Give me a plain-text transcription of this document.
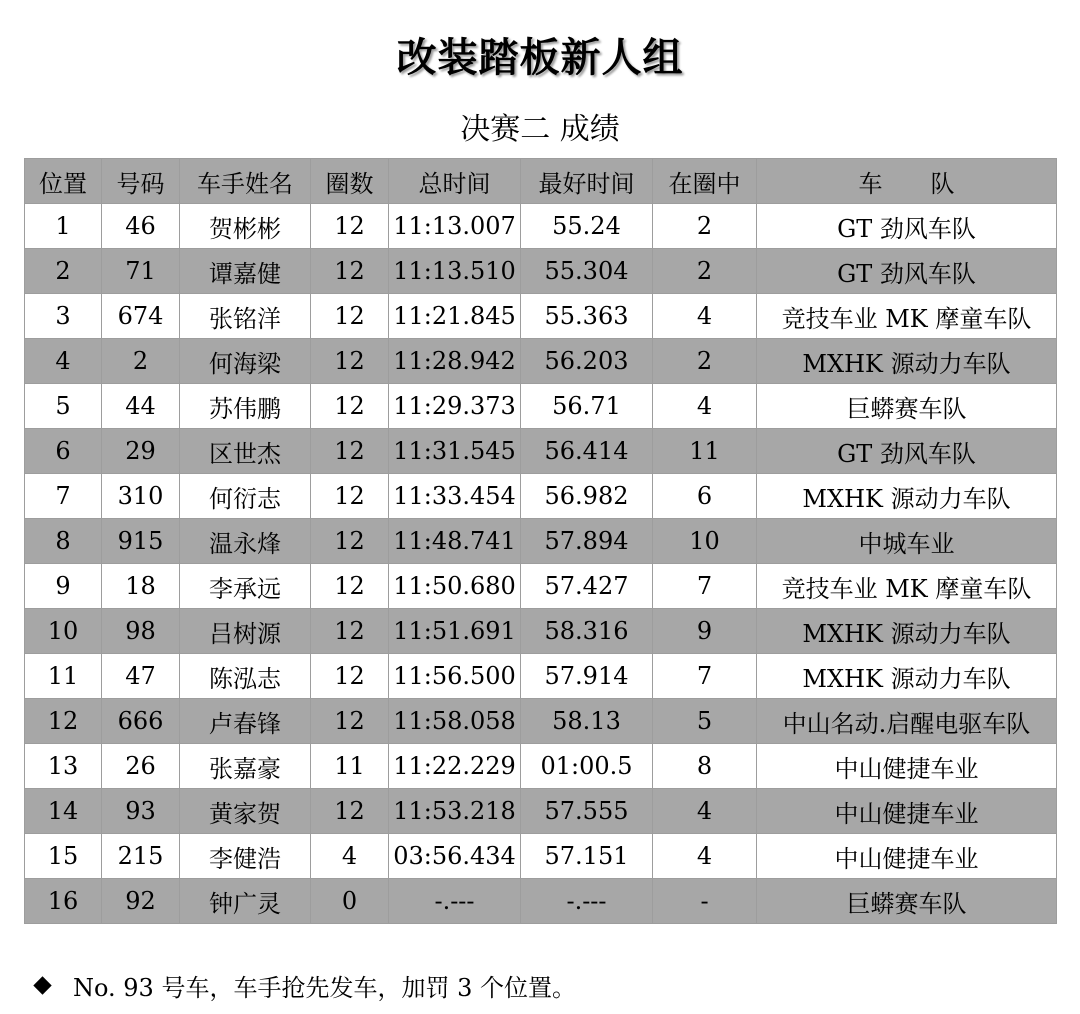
改装踏板新人组
决赛二 成绩
位置	号码	车手姓名	圈数	总时间	最好时间	在圈中	车　　队
1	46	贺彬彬	12	11:13.007	55.24	2	GT 劲风车队
2	71	谭嘉健	12	11:13.510	55.304	2	GT 劲风车队
3	674	张铭洋	12	11:21.845	55.363	4	竞技车业 MK 摩童车队
4	2	何海梁	12	11:28.942	56.203	2	MXHK 源动力车队
5	44	苏伟鹏	12	11:29.373	56.71	4	巨蟒赛车队
6	29	区世杰	12	11:31.545	56.414	11	GT 劲风车队
7	310	何衍志	12	11:33.454	56.982	6	MXHK 源动力车队
8	915	温永烽	12	11:48.741	57.894	10	中城车业
9	18	李承远	12	11:50.680	57.427	7	竞技车业 MK 摩童车队
10	98	吕树源	12	11:51.691	58.316	9	MXHK 源动力车队
11	47	陈泓志	12	11:56.500	57.914	7	MXHK 源动力车队
12	666	卢春锋	12	11:58.058	58.13	5	中山名动.启醒电驱车队
13	26	张嘉豪	11	11:22.229	01:00.5	8	中山健捷车业
14	93	黄家贺	12	11:53.218	57.555	4	中山健捷车业
15	215	李健浩	4	03:56.434	57.151	4	中山健捷车业
16	92	钟广灵	0	-.---	-.---	-	巨蟒赛车队
No. 93 号车，车手抢先发车，加罚 3 个位置。
